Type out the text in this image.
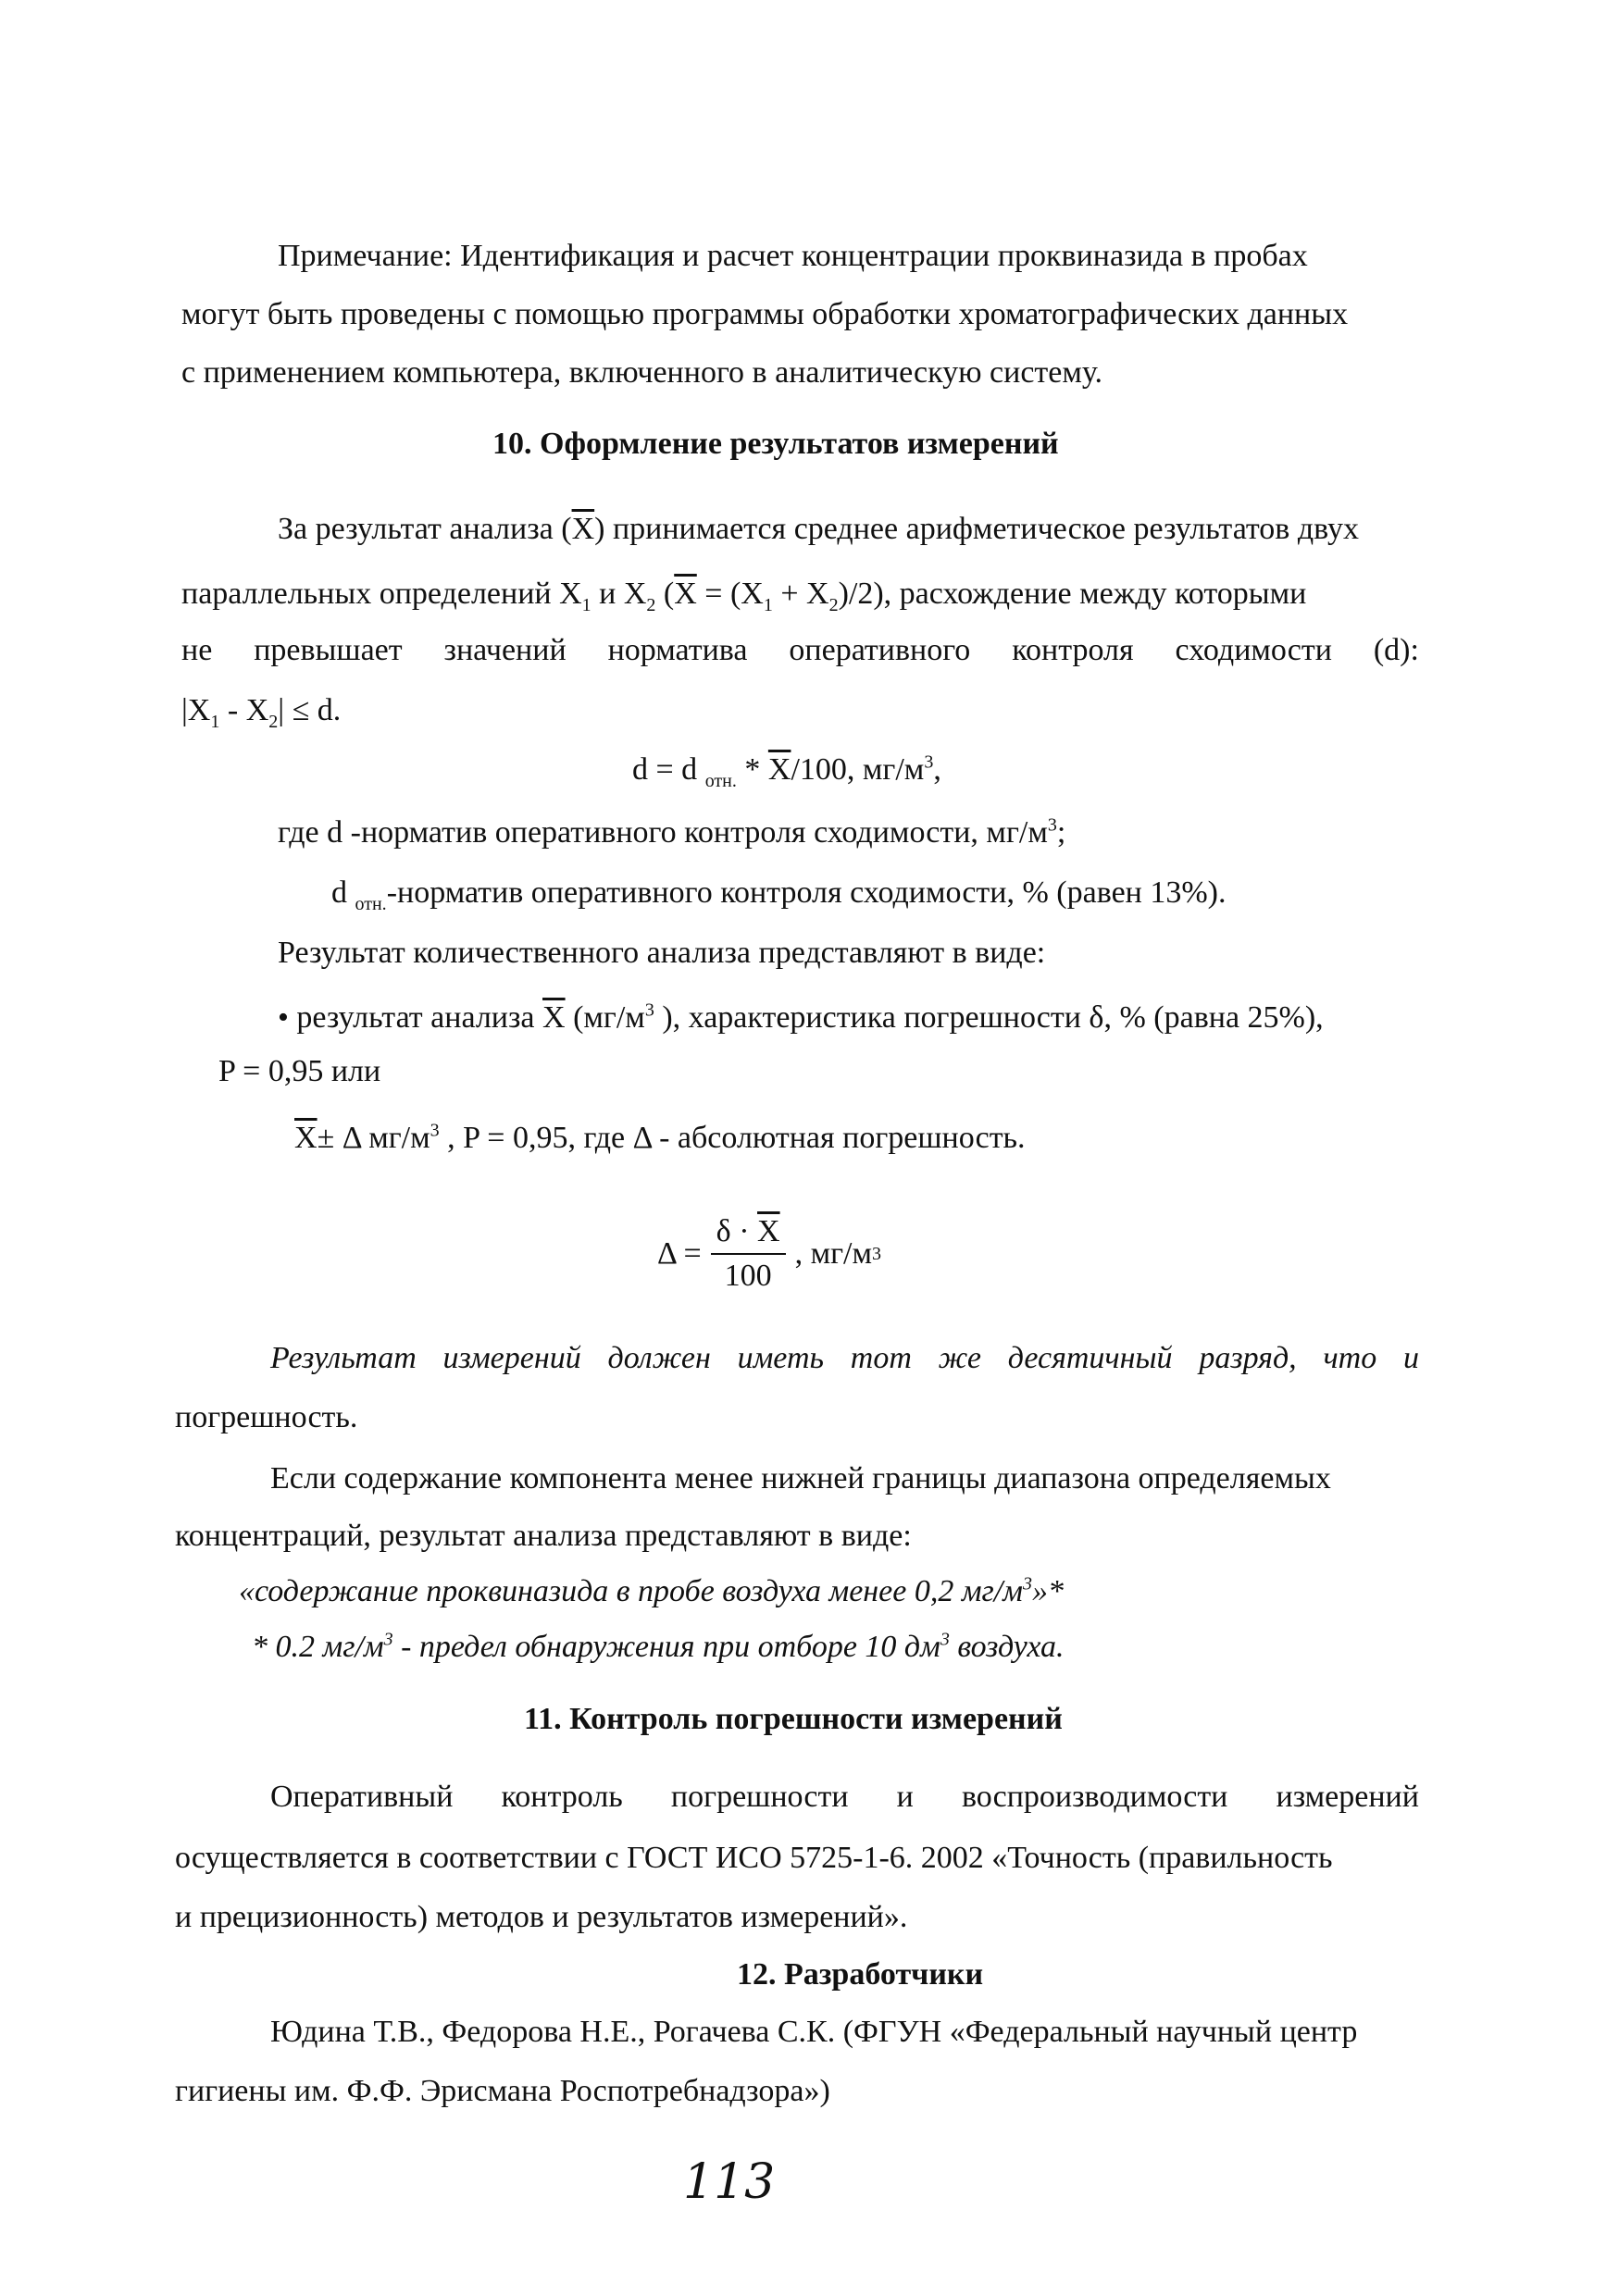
Примечание: Идентификация и расчет концентрации проквиназида в пробах
могут быть проведены с помощью программы обработки хроматографических данных
с применением компьютера, включенного в аналитическую систему.
10. Оформление результатов измерений
За результат анализа $(\overline{X})$ принимается среднее арифметическое результатов двух
параллельных определений $X_1$ и $X_2$ $(\overline{X} = (X_1 + X_2)/2)$, расхождение между которыми
не превышает значений норматива оперативного контроля сходимости (d):
$|X_1 - X_2| \le d$.
d = d $_{отн.} * \overline{X}/100$, $мг/м^3$,
где d -норматив оперативного контроля сходимости, $мг/м^3$;
d $_{отн.}$-норматив оперативного контроля сходимости, % (равен 13%).
Результат количественного анализа представляют в виде:
• результат анализа $\overline{X}$ ($мг/м^3$ ), характеристика погрешности δ, % (равна 25%),
P = 0,95 или
$\overline{X}\pm \Delta$ $мг/м^3$ , P = 0,95, где Δ - абсолютная погрешность.
$\Delta = \frac{\delta \cdot \overline{X}}{100}$ , мг/м 3
Результат измерений должен иметь тот же десятичный разряд, что и
погрешность.
Если содержание компонента менее нижней границы диапазона определяемых
концентраций, результат анализа представляют в виде:
«содержание проквиназида в пробе воздуха менее 0,2 $мг/м^3»*$
* 0.2 $мг/м^3$ - предел обнаружения при отборе 10 $дм^3$ воздуха.
11. Контроль погрешности измерений
Оперативный контроль погрешности и воспроизводимости измерений
осуществляется в соответствии с ГОСТ ИСО 5725-1-6. 2002 «Точность (правильность
и прецизионность) методов и результатов измерений».
12. Разработчики
Юдина Т.В., Федорова Н.Е., Рогачева С.К. (ФГУН «Федеральный научный центр
гигиены им. Ф.Ф. Эрисмана Роспотребнадзора»)
113
